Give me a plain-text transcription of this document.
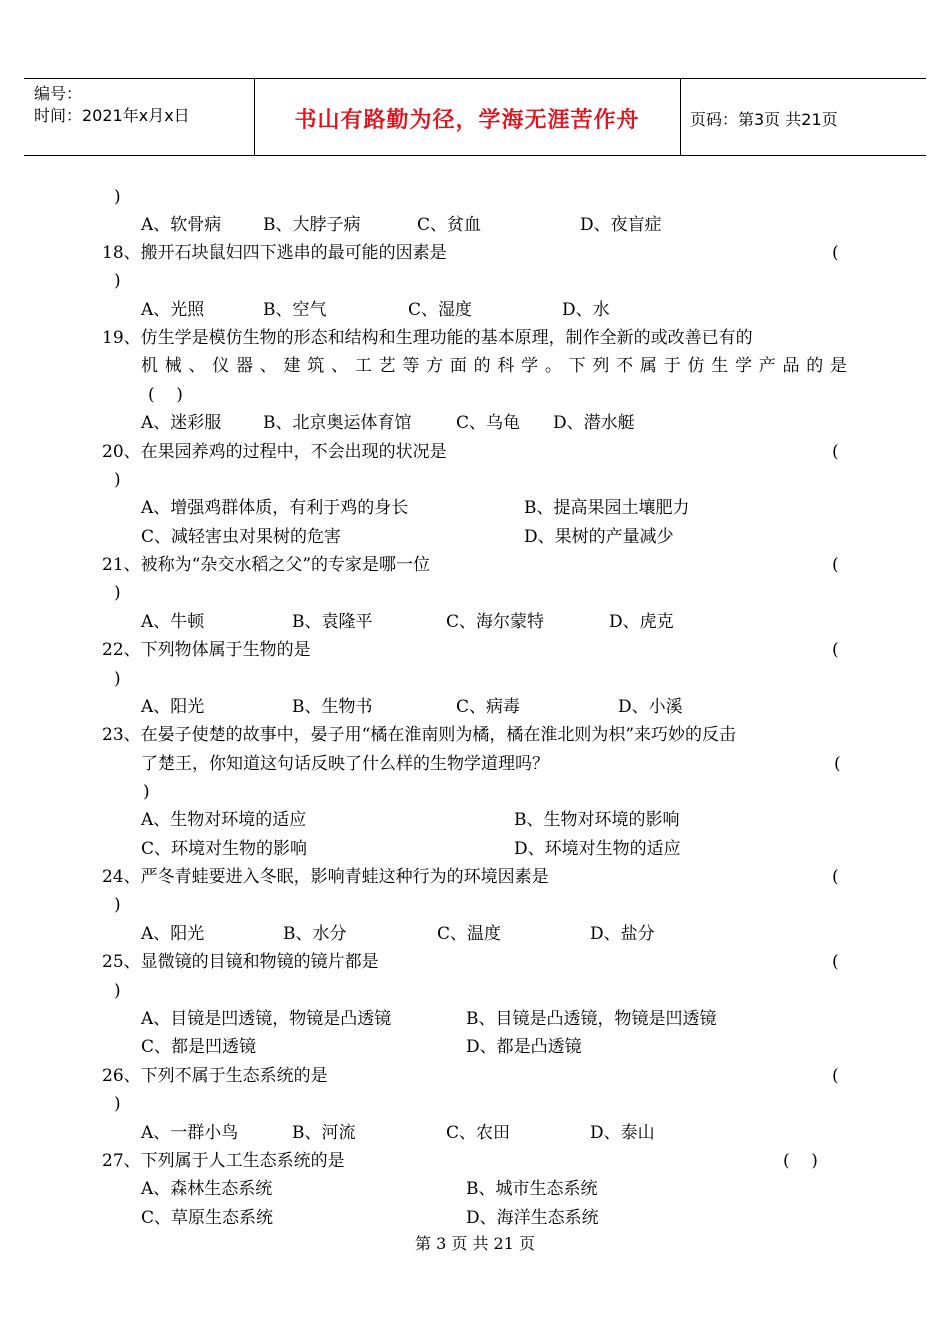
编号：
时间：2021年x月x日	书山有路勤为径，学海无涯苦作舟	页码：第3页 共21页
)
A、软骨病 B、大脖子病	C、贫血	D、夜盲症
18、搬开石块鼠妇四下逃串的最可能的因素是	(
)
A、光照	B、空气	C、湿度	D、水
19、仿生学是模仿生物的形态和结构和生理功能的基本原理，制作全新的或改善已有的
机械、仪器、建筑、工艺等方面的科学。下列不属于仿生学产品的是
(    )
A、迷彩服 B、北京奥运体育馆	C、乌龟 D、潜水艇
20、在果园养鸡的过程中，不会出现的状况是	(
)
A、增强鸡群体质，有利于鸡的身长	B、提高果园土壤肥力
C、减轻害虫对果树的危害	D、果树的产量减少
21、被称为“杂交水稻之父”的专家是哪一位	(
)
A、牛顿	B、袁隆平	C、海尔蒙特	D、虎克
22、下列物体属于生物的是	(
)
A、阳光	B、生物书	C、病毒	D、小溪
23、在晏子使楚的故事中，晏子用“橘在淮南则为橘，橘在淮北则为枳”来巧妙的反击
了楚王，你知道这句话反映了什么样的生物学道理吗？	(
)
A、生物对环境的适应	B、生物对环境的影响
C、环境对生物的影响	D、环境对生物的适应
24、严冬青蛙要进入冬眠，影响青蛙这种行为的环境因素是	(
)
A、阳光	B、水分	C、温度	D、盐分
25、显微镜的目镜和物镜的镜片都是	(
)
A、目镜是凹透镜，物镜是凸透镜	B、目镜是凸透镜，物镜是凹透镜
C、都是凹透镜	D、都是凸透镜
26、下列不属于生态系统的是	(
)
A、一群小鸟	B、河流	C、农田	D、泰山
27、下列属于人工生态系统的是	(    )
A、森林生态系统	B、城市生态系统
C、草原生态系统	D、海洋生态系统
第 3 页 共 21 页
